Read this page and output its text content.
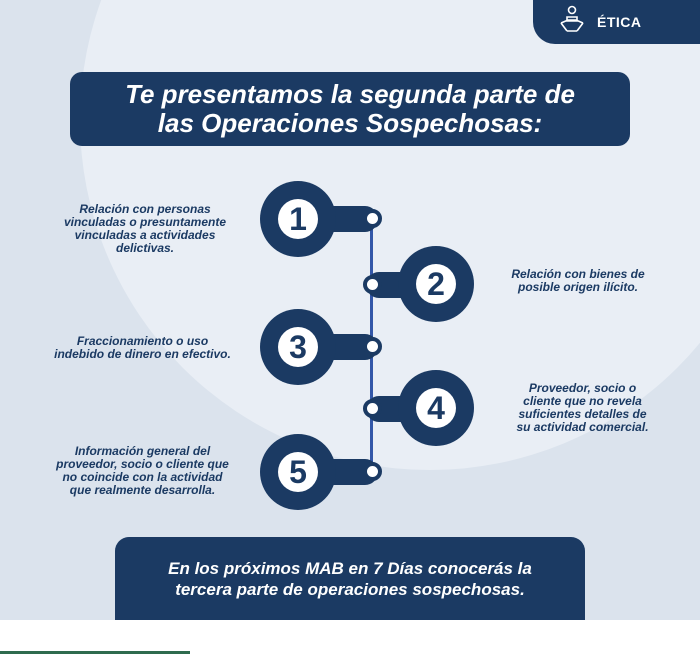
ÉTICA
Te presentamos la segunda parte de
las Operaciones Sospechosas:
1
Relación con personas
vinculadas o presuntamente
vinculadas a actividades
delictivas.
2	Relación con bienes de
posible origen ilícito.
3
Fraccionamiento o uso
indebido de dinero en efectivo.
4
Proveedor, socio o
cliente que no revela
suficientes detalles de
su actividad comercial.
5
Información general del
proveedor, socio o cliente que
no coincide con la actividad
que realmente desarrolla.
En los próximos MAB en 7 Días conocerás la
tercera parte de operaciones sospechosas.
